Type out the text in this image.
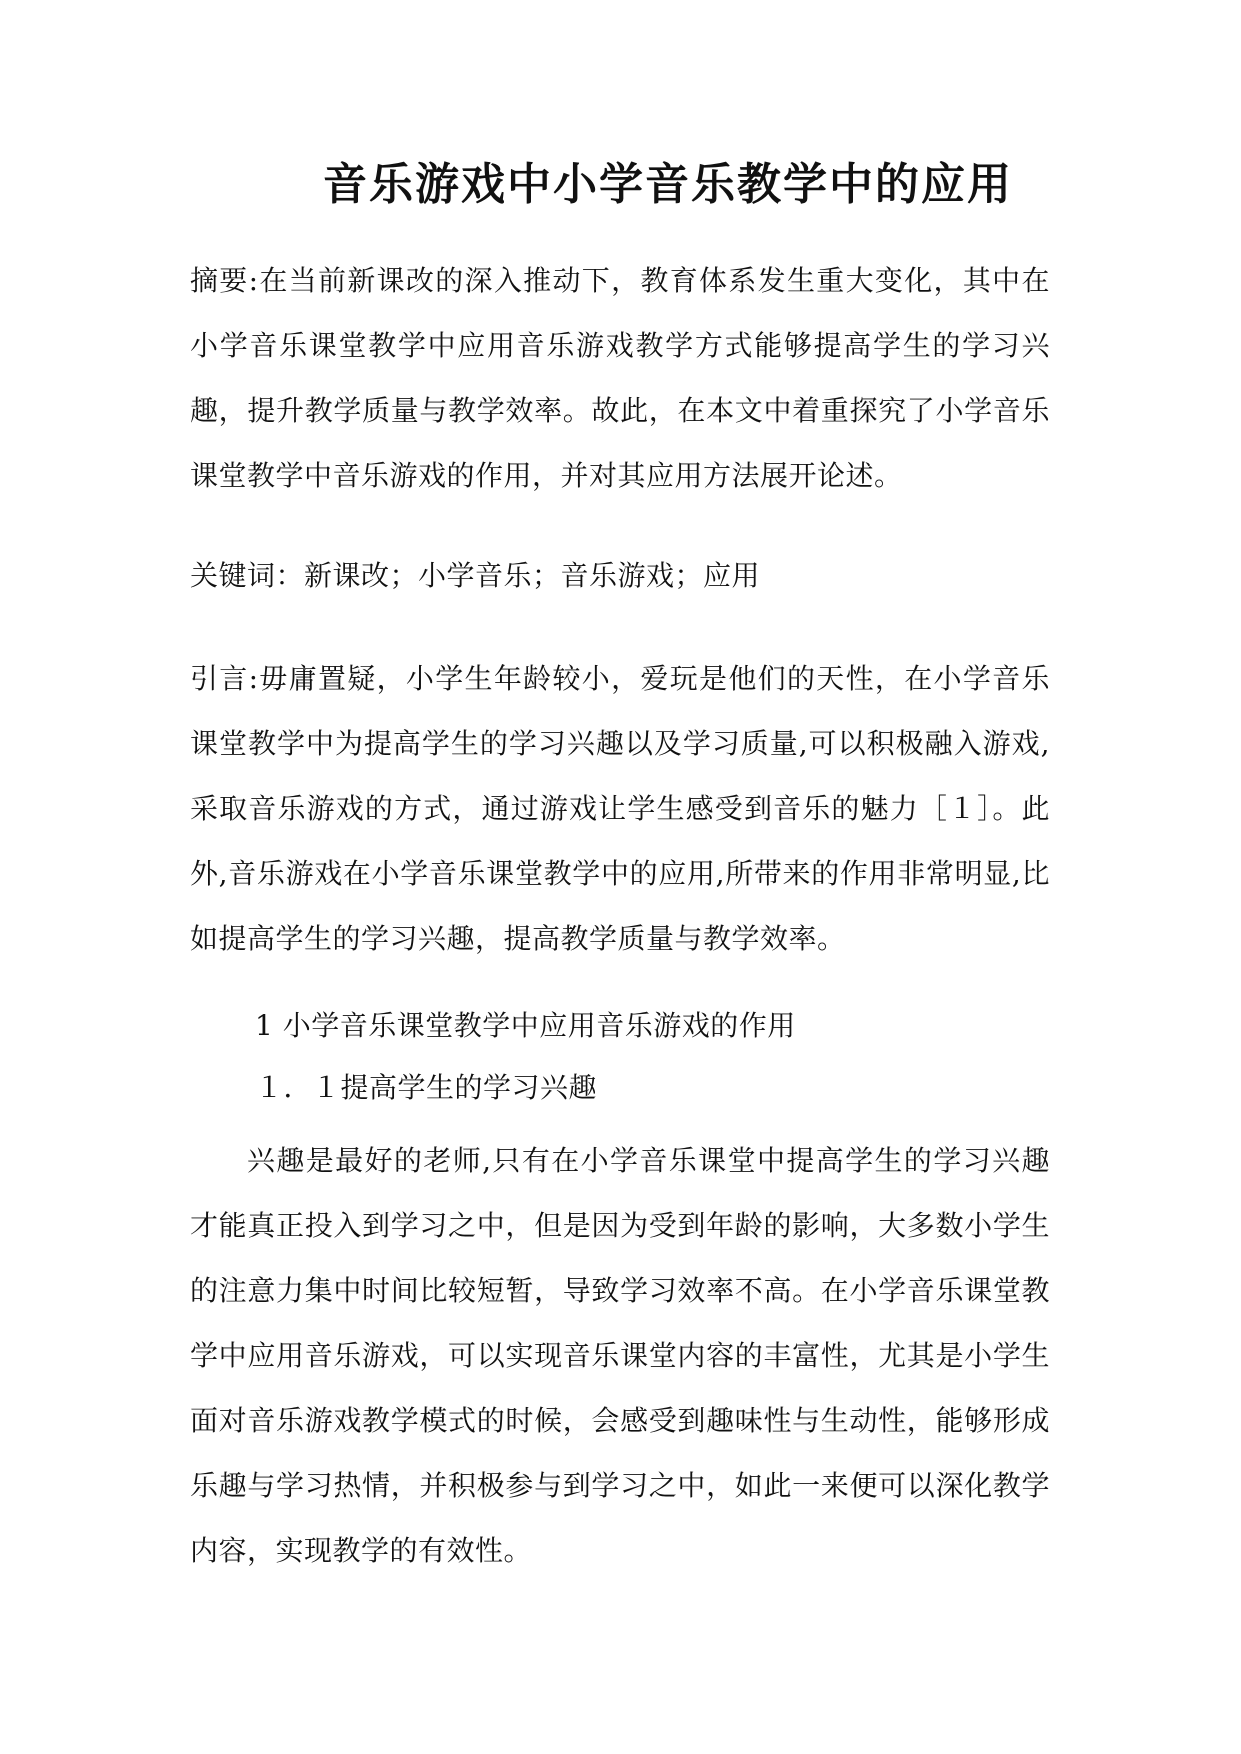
音乐游戏中小学音乐教学中的应用
摘要:在当前新课改的深入推动下，教育体系发生重大变化，其中在小学音乐课堂教学中应用音乐游戏教学方式能够提高学生的学习兴趣，提升教学质量与教学效率。故此，在本文中着重探究了小学音乐课堂教学中音乐游戏的作用，并对其应用方法展开论述。
关键词：新课改；小学音乐；音乐游戏；应用
引言:毋庸置疑，小学生年龄较小，爱玩是他们的天性，在小学音乐课堂教学中为提高学生的学习兴趣以及学习质量,可以积极融入游戏,采取音乐游戏的方式，通过游戏让学生感受到音乐的魅力［１］。此外,音乐游戏在小学音乐课堂教学中的应用,所带来的作用非常明显,比如提高学生的学习兴趣，提高教学质量与教学效率。
1 小学音乐课堂教学中应用音乐游戏的作用
１．１提高学生的学习兴趣
兴趣是最好的老师,只有在小学音乐课堂中提高学生的学习兴趣才能真正投入到学习之中，但是因为受到年龄的影响，大多数小学生的注意力集中时间比较短暂，导致学习效率不高。在小学音乐课堂教学中应用音乐游戏，可以实现音乐课堂内容的丰富性，尤其是小学生面对音乐游戏教学模式的时候，会感受到趣味性与生动性，能够形成乐趣与学习热情，并积极参与到学习之中，如此一来便可以深化教学内容，实现教学的有效性。
